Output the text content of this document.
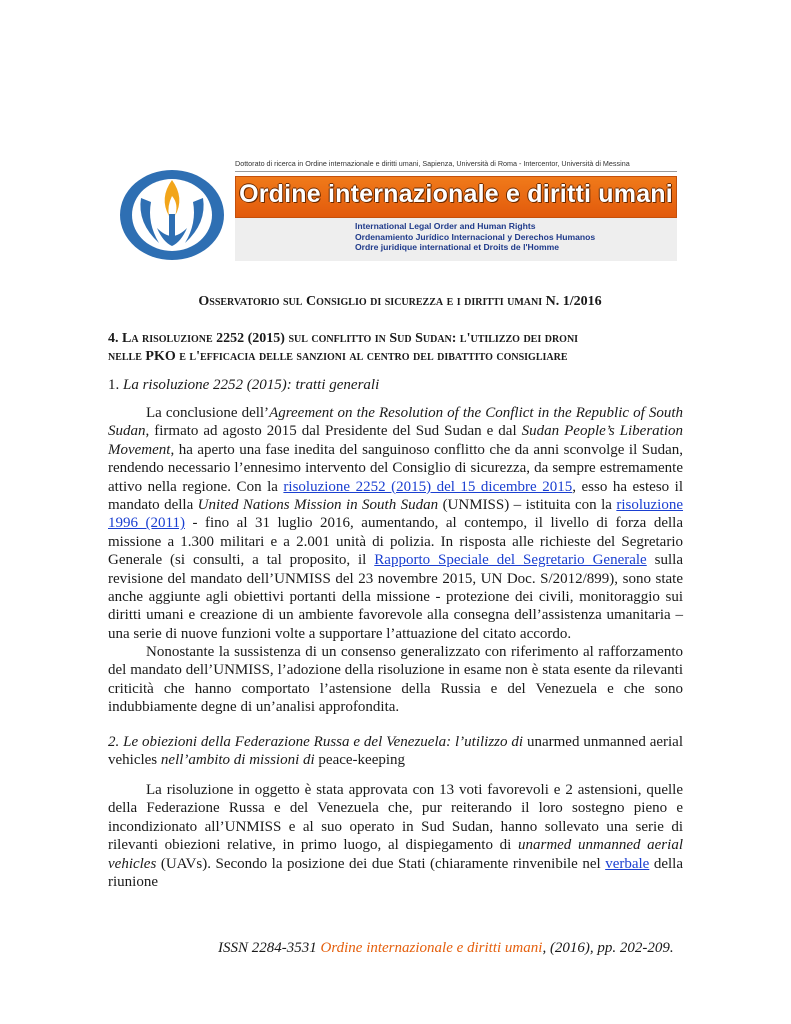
Dottorato di ricerca in Ordine internazionale e diritti umani, Sapienza, Università di Roma - Intercentor, Università di Messina
Ordine internazionale e diritti umani
International Legal Order and Human Rights
Ordenamiento Jurídico Internacional y Derechos Humanos
Ordre juridique international et Droits de l'Homme
Osservatorio sul Consiglio di sicurezza e i diritti umani N. 1/2016
4. La risoluzione 2252 (2015) sul conflitto in Sud Sudan: l'utilizzo dei droni
nelle PKO e l'efficacia delle sanzioni al centro del dibattito consigliare
1. La risoluzione 2252 (2015): tratti generali
La conclusione dell’Agreement on the Resolution of the Conflict in the Republic of South Sudan, firmato ad agosto 2015 dal Presidente del Sud Sudan e dal Sudan People’s Liberation Movement, ha aperto una fase inedita del sanguinoso conflitto che da anni sconvolge il Sudan, rendendo necessario l’ennesimo intervento del Consiglio di sicurezza, da sempre estremamente attivo nella regione. Con la risoluzione 2252 (2015) del 15 dicembre 2015, esso ha esteso il mandato della United Nations Mission in South Sudan (UNMISS) – istituita con la risoluzione 1996 (2011) - fino al 31 luglio 2016, aumentando, al contempo, il livello di forza della missione a 1.300 militari e a 2.001 unità di polizia. In risposta alle richieste del Segretario Generale (si consulti, a tal proposito, il Rapporto Speciale del Segretario Generale sulla revisione del mandato dell’UNMISS del 23 novembre 2015, UN Doc. S/2012/899), sono state anche aggiunte agli obiettivi portanti della missione - protezione dei civili, monitoraggio sui diritti umani e creazione di un ambiente favorevole alla consegna dell’assistenza umanitaria – una serie di nuove funzioni volte a supportare l’attuazione del citato accordo.
Nonostante la sussistenza di un consenso generalizzato con riferimento al rafforzamento del mandato dell’UNMISS, l’adozione della risoluzione in esame non è stata esente da rilevanti criticità che hanno comportato l’astensione della Russia e del Venezuela e che sono indubbiamente degne di un’analisi approfondita.
2. Le obiezioni della Federazione Russa e del Venezuela: l’utilizzo di unarmed unmanned aerial vehicles nell’ambito di missioni di peace-keeping
La risoluzione in oggetto è stata approvata con 13 voti favorevoli e 2 astensioni, quelle della Federazione Russa e del Venezuela che, pur reiterando il loro sostegno pieno e incondizionato all’UNMISS e al suo operato in Sud Sudan, hanno sollevato una serie di rilevanti obiezioni relative, in primo luogo, al dispiegamento di unarmed unmanned aerial vehicles (UAVs). Secondo la posizione dei due Stati (chiaramente rinvenibile nel verbale della riunione
ISSN 2284-3531 Ordine internazionale e diritti umani, (2016), pp. 202-209.
